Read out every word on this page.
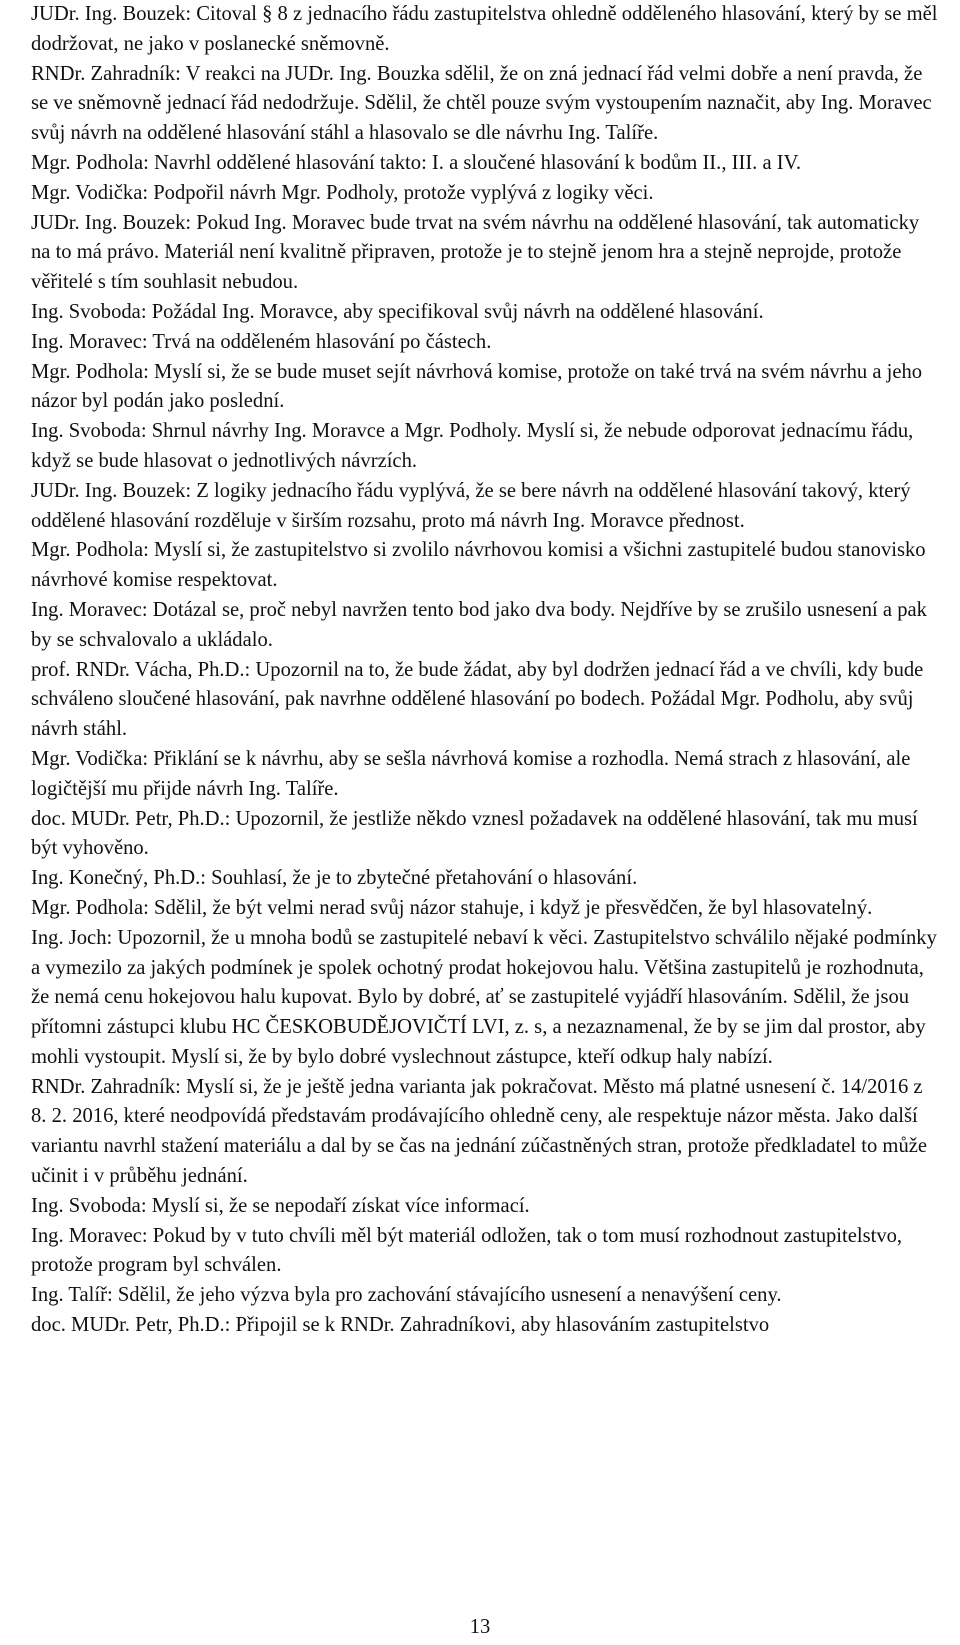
JUDr. Ing. Bouzek: Citoval § 8 z jednacího řádu zastupitelstva ohledně odděleného hlasování, který by se měl dodržovat, ne jako v poslanecké sněmovně.

RNDr. Zahradník: V reakci na JUDr. Ing. Bouzka sdělil, že on zná jednací řád velmi dobře a není pravda, že se ve sněmovně jednací řád nedodržuje. Sdělil, že chtěl pouze svým vystoupením naznačit, aby Ing. Moravec svůj návrh na oddělené hlasování stáhl a hlasovalo se dle návrhu Ing. Talíře.

Mgr. Podhola: Navrhl oddělené hlasování takto: I. a sloučené hlasování k bodům II., III. a IV.

Mgr. Vodička: Podpořil návrh Mgr. Podholy, protože vyplývá z logiky věci.

JUDr. Ing. Bouzek: Pokud Ing. Moravec bude trvat na svém návrhu na oddělené hlasování, tak automaticky na to má právo. Materiál není kvalitně připraven, protože je to stejně jenom hra a stejně neprojde, protože věřitelé s tím souhlasit nebudou.

Ing. Svoboda: Požádal Ing. Moravce, aby specifikoval svůj návrh na oddělené hlasování.

Ing. Moravec: Trvá na odděleném hlasování po částech.

Mgr. Podhola: Myslí si, že se bude muset sejít návrhová komise, protože on také trvá na svém návrhu a jeho názor byl podán jako poslední.

Ing. Svoboda: Shrnul návrhy Ing. Moravce a Mgr. Podholy. Myslí si, že nebude odporovat jednacímu řádu, když se bude hlasovat o jednotlivých návrzích.

JUDr. Ing. Bouzek: Z logiky jednacího řádu vyplývá, že se bere návrh na oddělené hlasování takový, který oddělené hlasování rozděluje v širším rozsahu, proto má návrh Ing. Moravce přednost.

Mgr. Podhola: Myslí si, že zastupitelstvo si zvolilo návrhovou komisi a všichni zastupitelé budou stanovisko návrhové komise respektovat.

Ing. Moravec: Dotázal se, proč nebyl navržen tento bod jako dva body. Nejdříve by se zrušilo usnesení a pak by se schvalovalo a ukládalo.

prof. RNDr. Vácha, Ph.D.: Upozornil na to, že bude žádat, aby byl dodržen jednací řád a ve chvíli, kdy bude schváleno sloučené hlasování, pak navrhne oddělené hlasování po bodech. Požádal Mgr. Podholu, aby svůj návrh stáhl.

Mgr. Vodička: Přiklání se k návrhu, aby se sešla návrhová komise a rozhodla. Nemá strach z hlasování, ale logičtější mu přijde návrh Ing. Talíře.

doc. MUDr. Petr, Ph.D.: Upozornil, že jestliže někdo vznesl požadavek na oddělené hlasování, tak mu musí být vyhověno.

Ing. Konečný, Ph.D.: Souhlasí, že je to zbytečné přetahování o hlasování.

Mgr. Podhola: Sdělil, že být velmi nerad svůj názor stahuje, i když je přesvědčen, že byl hlasovatelný.

Ing. Joch: Upozornil, že u mnoha bodů se zastupitelé nebaví k věci. Zastupitelstvo schválilo nějaké podmínky a vymezilo za jakých podmínek je spolek ochotný prodat hokejovou halu. Většina zastupitelů je rozhodnuta, že nemá cenu hokejovou halu kupovat. Bylo by dobré, ať se zastupitelé vyjádří hlasováním. Sdělil, že jsou přítomni zástupci klubu HC ČESKOBUDĚJOVIČTÍ LVI, z. s, a nezaznamenal, že by se jim dal prostor, aby mohli vystoupit. Myslí si, že by bylo dobré vyslechnout zástupce, kteří odkup haly nabízí.

RNDr. Zahradník: Myslí si, že je ještě jedna varianta jak pokračovat. Město má platné usnesení č. 14/2016 z 8. 2. 2016, které neodpovídá představám prodávajícího ohledně ceny, ale respektuje názor města. Jako další variantu navrhl stažení materiálu a dal by se čas na jednání zúčastněných stran, protože předkladatel to může učinit i v průběhu jednání.

Ing. Svoboda: Myslí si, že se nepodaří získat více informací.

Ing. Moravec: Pokud by v tuto chvíli měl být materiál odložen, tak o tom musí rozhodnout zastupitelstvo, protože program byl schválen.

Ing. Talíř: Sdělil, že jeho výzva byla pro zachování stávajícího usnesení a nenavýšení ceny.

doc. MUDr. Petr, Ph.D.: Připojil se k RNDr. Zahradníkovi, aby hlasováním zastupitelstvo

13
